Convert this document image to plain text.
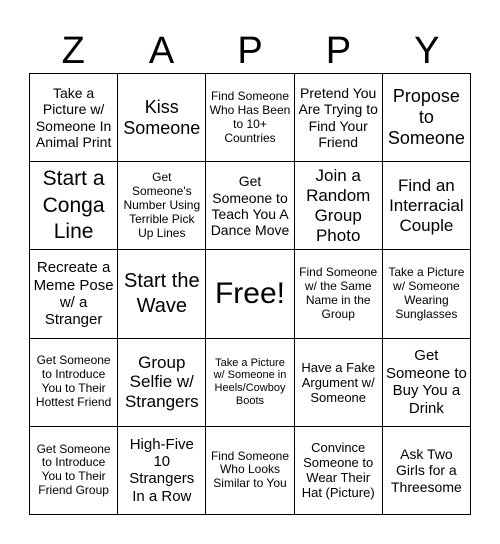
Z	A	P	P	Y
Take a Picture w/ Someone In Animal Print
Kiss Someone
Find Someone Who Has Been to 10+ Countries
Pretend You Are Trying to Find Your Friend
Propose to Someone
Start a Conga Line
Get Someone's Number Using Terrible Pick Up Lines
Get Someone to Teach You A Dance Move
Join a Random Group Photo
Find an Interracial Couple
Recreate a Meme Pose w/ a Stranger
Start the Wave Free!
Find Someone w/ the Same Name in the Group
Take a Picture w/ Someone Wearing Sunglasses
Get Someone to Introduce You to Their Hottest Friend
Group Selfie w/ Strangers
Take a Picture w/ Someone in Heels/Cowboy Boots
Have a Fake Argument w/ Someone
Get Someone to Buy You a Drink
Get Someone to Introduce You to Their Friend Group
High-Five 10 Strangers In a Row
Find Someone Who Looks Similar to You
Convince Someone to Wear Their Hat (Picture)
Ask Two Girls for a Threesome
